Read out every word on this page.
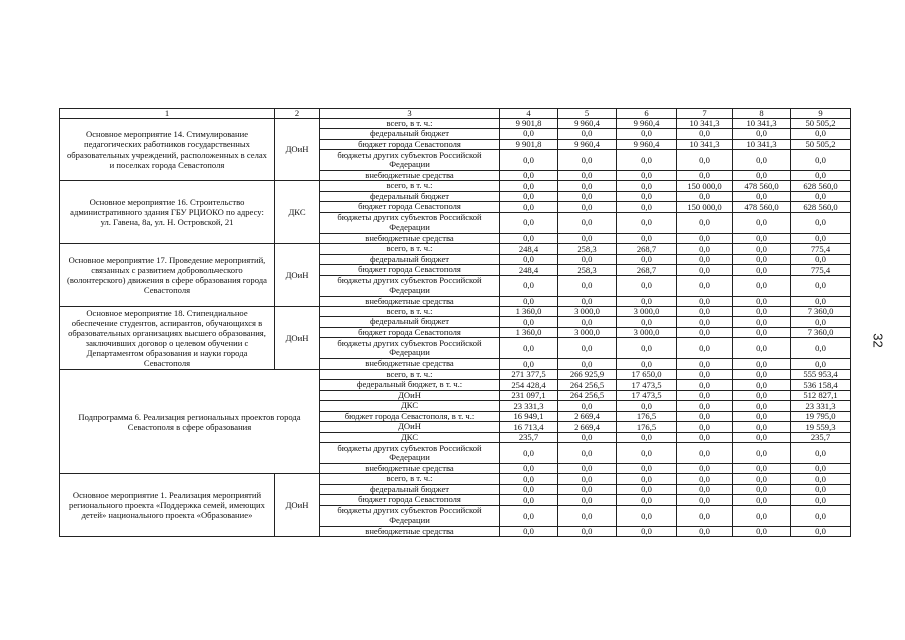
1	2	3	4	5	6	7	8	9
Основное мероприятие 14. Стимулирование педагогических работников государственных образовательных учреждений, расположенных в селах и поселках города Севастополя	ДОиН	всего, в т. ч.:	9 901,8	9 960,4	9 960,4	10 341,3	10 341,3	50 505,2
		федеральный бюджет	0,0	0,0	0,0	0,0	0,0	0,0
		бюджет города Севастополя	9 901,8	9 960,4	9 960,4	10 341,3	10 341,3	50 505,2
		бюджеты других субъектов Российской Федерации	0,0	0,0	0,0	0,0	0,0	0,0
		внебюджетные средства	0,0	0,0	0,0	0,0	0,0	0,0
Основное мероприятие 16. Строительство административного здания ГБУ РЦИОКО по адресу: ул. Гавена, 8а, ул. Н. Островской, 21	ДКС	всего, в т. ч.:	0,0	0,0	0,0	150 000,0	478 560,0	628 560,0
		федеральный бюджет	0,0	0,0	0,0	0,0	0,0	0,0
		бюджет города Севастополя	0,0	0,0	0,0	150 000,0	478 560,0	628 560,0
		бюджеты других субъектов Российской Федерации	0,0	0,0	0,0	0,0	0,0	0,0
		внебюджетные средства	0,0	0,0	0,0	0,0	0,0	0,0
Основное мероприятие 17. Проведение мероприятий, связанных с развитием добровольческого (волонтерского) движения в сфере образования города Севастополя	ДОиН	всего, в т. ч.:	248,4	258,3	268,7	0,0	0,0	775,4
		федеральный бюджет	0,0	0,0	0,0	0,0	0,0	0,0
		бюджет города Севастополя	248,4	258,3	268,7	0,0	0,0	775,4
		бюджеты других субъектов Российской Федерации	0,0	0,0	0,0	0,0	0,0	0,0
		внебюджетные средства	0,0	0,0	0,0	0,0	0,0	0,0
Основное мероприятие 18. Стипендиальное обеспечение студентов, аспирантов, обучающихся в образовательных организациях высшего образования, заключивших договор о целевом обучении с Департаментом образования и науки города Севастополя	ДОиН	всего, в т. ч.:	1 360,0	3 000,0	3 000,0	0,0	0,0	7 360,0
		федеральный бюджет	0,0	0,0	0,0	0,0	0,0	0,0
		бюджет города Севастополя	1 360,0	3 000,0	3 000,0	0,0	0,0	7 360,0
		бюджеты других субъектов Российской Федерации	0,0	0,0	0,0	0,0	0,0	0,0
		внебюджетные средства	0,0	0,0	0,0	0,0	0,0	0,0
Подпрограмма 6. Реализация региональных проектов города Севастополя в сфере образования		всего, в т. ч.:	271 377,5	266 925,9	17 650,0	0,0	0,0	555 953,4
		федеральный бюджет, в т. ч.:	254 428,4	264 256,5	17 473,5	0,0	0,0	536 158,4
		ДОиН	231 097,1	264 256,5	17 473,5	0,0	0,0	512 827,1
		ДКС	23 331,3	0,0	0,0	0,0	0,0	23 331,3
		бюджет города Севастополя, в т. ч.:	16 949,1	2 669,4	176,5	0,0	0,0	19 795,0
		ДОиН	16 713,4	2 669,4	176,5	0,0	0,0	19 559,3
		ДКС	235,7	0,0	0,0	0,0	0,0	235,7
		бюджеты других субъектов Российской Федерации	0,0	0,0	0,0	0,0	0,0	0,0
		внебюджетные средства	0,0	0,0	0,0	0,0	0,0	0,0
Основное мероприятие 1. Реализация мероприятий регионального проекта «Поддержка семей, имеющих детей» национального проекта «Образование»	ДОиН	всего, в т. ч.:	0,0	0,0	0,0	0,0	0,0	0,0
		федеральный бюджет	0,0	0,0	0,0	0,0	0,0	0,0
		бюджет города Севастополя	0,0	0,0	0,0	0,0	0,0	0,0
		бюджеты других субъектов Российской Федерации	0,0	0,0	0,0	0,0	0,0	0,0
		внебюджетные средства	0,0	0,0	0,0	0,0	0,0	0,0
32
